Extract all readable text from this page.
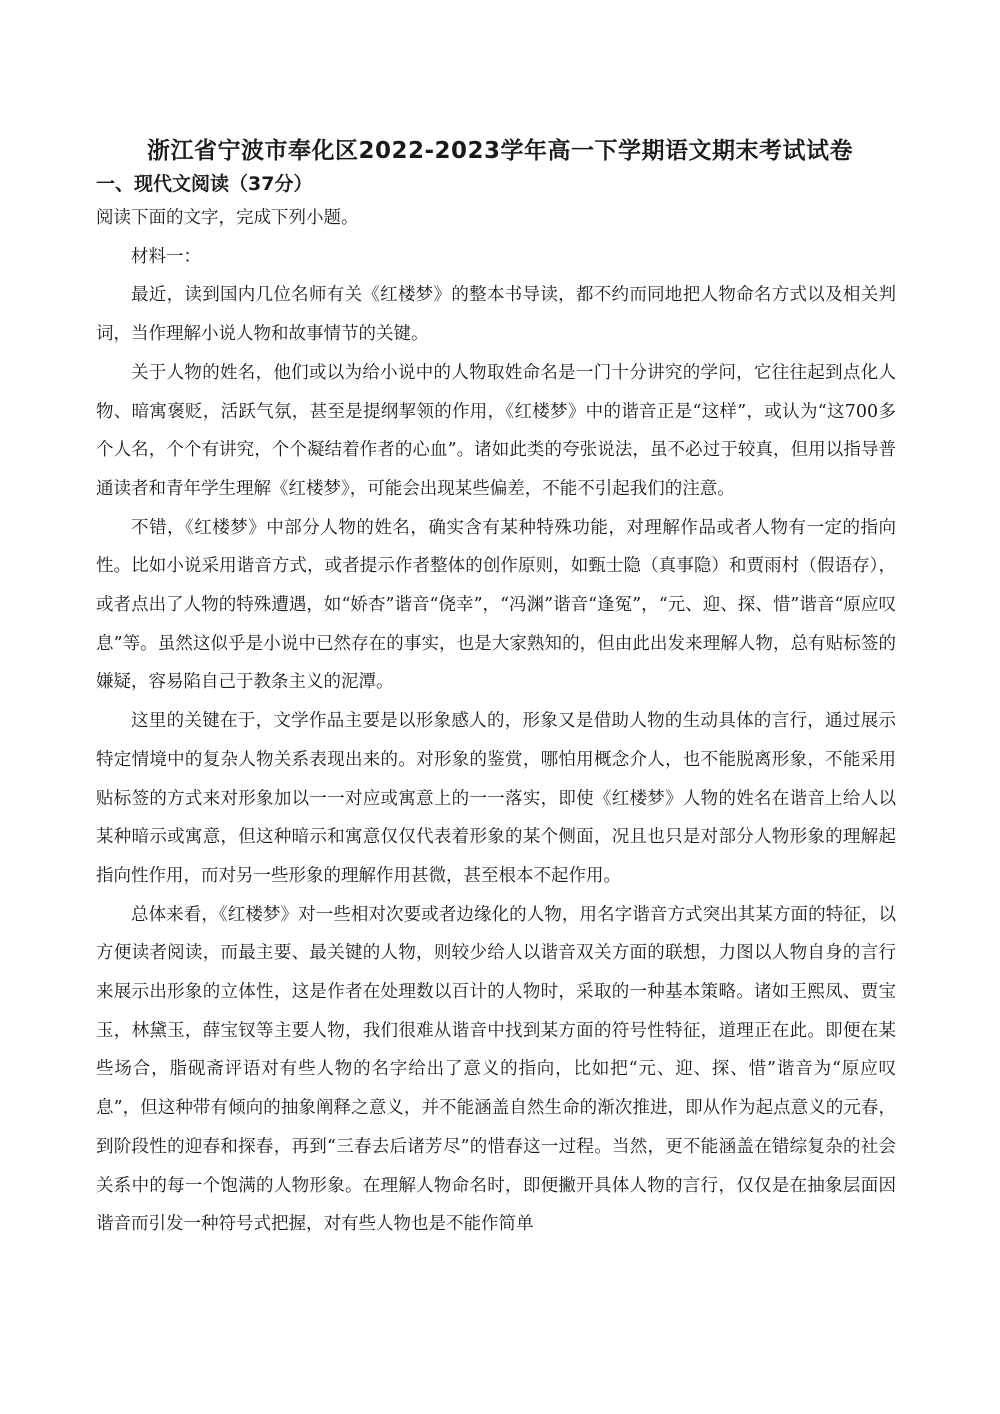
浙江省宁波市奉化区2022-2023学年高一下学期语文期末考试试卷
一、现代文阅读（37分）

阅读下面的文字，完成下列小题。

材料一：

最近，读到国内几位名师有关《红楼梦》的整本书导读，都不约而同地把人物命名方式以及相关判词，当作理解小说人物和故事情节的关键。

关于人物的姓名，他们或以为给小说中的人物取姓命名是一门十分讲究的学问，它往往起到点化人物、暗寓褒贬，活跃气氛，甚至是提纲挈领的作用，《红楼梦》中的谐音正是“这样”，或认为“这700多个人名，个个有讲究，个个凝结着作者的心血”。诸如此类的夸张说法，虽不必过于较真，但用以指导普通读者和青年学生理解《红楼梦》，可能会出现某些偏差，不能不引起我们的注意。

不错，《红楼梦》中部分人物的姓名，确实含有某种特殊功能，对理解作品或者人物有一定的指向性。比如小说采用谐音方式，或者提示作者整体的创作原则，如甄士隐（真事隐）和贾雨村（假语存），或者点出了人物的特殊遭遇，如“娇杏”谐音“侥幸”，“冯渊”谐音“逢冤”，“元、迎、探、惜”谐音“原应叹息”等。虽然这似乎是小说中已然存在的事实，也是大家熟知的，但由此出发来理解人物，总有贴标签的嫌疑，容易陷自己于教条主义的泥潭。

这里的关键在于，文学作品主要是以形象感人的，形象又是借助人物的生动具体的言行，通过展示特定情境中的复杂人物关系表现出来的。对形象的鉴赏，哪怕用概念介人，也不能脱离形象，不能采用贴标签的方式来对形象加以一一对应或寓意上的一一落实，即使《红楼梦》人物的姓名在谐音上给人以某种暗示或寓意，但这种暗示和寓意仅仅代表着形象的某个侧面，况且也只是对部分人物形象的理解起指向性作用，而对另一些形象的理解作用甚微，甚至根本不起作用。

总体来看，《红楼梦》对一些相对次要或者边缘化的人物，用名字谐音方式突出其某方面的特征，以方便读者阅读，而最主要、最关键的人物，则较少给人以谐音双关方面的联想，力图以人物自身的言行来展示出形象的立体性，这是作者在处理数以百计的人物时，采取的一种基本策略。诸如王熙凤、贾宝玉，林黛玉，薛宝钗等主要人物，我们很难从谐音中找到某方面的符号性特征，道理正在此。即便在某些场合，脂砚斋评语对有些人物的名字给出了意义的指向，比如把“元、迎、探、惜”谐音为“原应叹息”，但这种带有倾向的抽象阐释之意义，并不能涵盖自然生命的渐次推进，即从作为起点意义的元春，到阶段性的迎春和探春，再到“三春去后诸芳尽”的惜春这一过程。当然，更不能涵盖在错综复杂的社会关系中的每一个饱满的人物形象。在理解人物命名时，即便撇开具体人物的言行，仅仅是在抽象层面因谐音而引发一种符号式把握，对有些人物也是不能作简单
